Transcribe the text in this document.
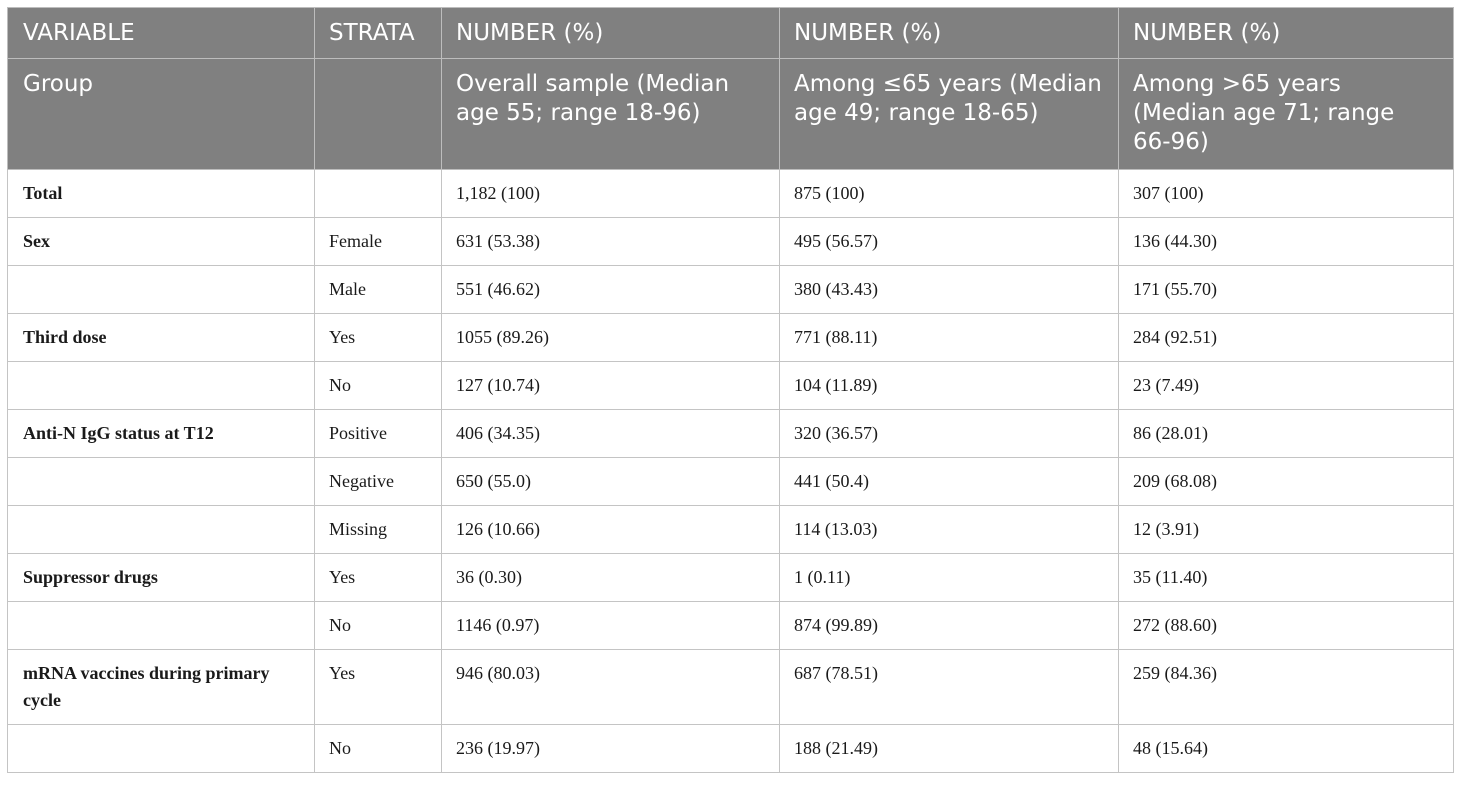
VARIABLE	STRATA	NUMBER (%)	NUMBER (%)	NUMBER (%)
Group		Overall sample (Median age 55; range 18-96)	Among ≤65 years (Median age 49; range 18-65)	Among >65 years (Median age 71; range 66-96)
Total		1,182 (100)	875 (100)	307 (100)
Sex	Female	631 (53.38)	495 (56.57)	136 (44.30)
	Male	551 (46.62)	380 (43.43)	171 (55.70)
Third dose	Yes	1055 (89.26)	771 (88.11)	284 (92.51)
	No	127 (10.74)	104 (11.89)	23 (7.49)
Anti-N IgG status at T12	Positive	406 (34.35)	320 (36.57)	86 (28.01)
	Negative	650 (55.0)	441 (50.4)	209 (68.08)
	Missing	126 (10.66)	114 (13.03)	12 (3.91)
Suppressor drugs	Yes	36 (0.30)	1 (0.11)	35 (11.40)
	No	1146 (0.97)	874 (99.89)	272 (88.60)
mRNA vaccines during primary cycle	Yes	946 (80.03)	687 (78.51)	259 (84.36)
	No	236 (19.97)	188 (21.49)	48 (15.64)
